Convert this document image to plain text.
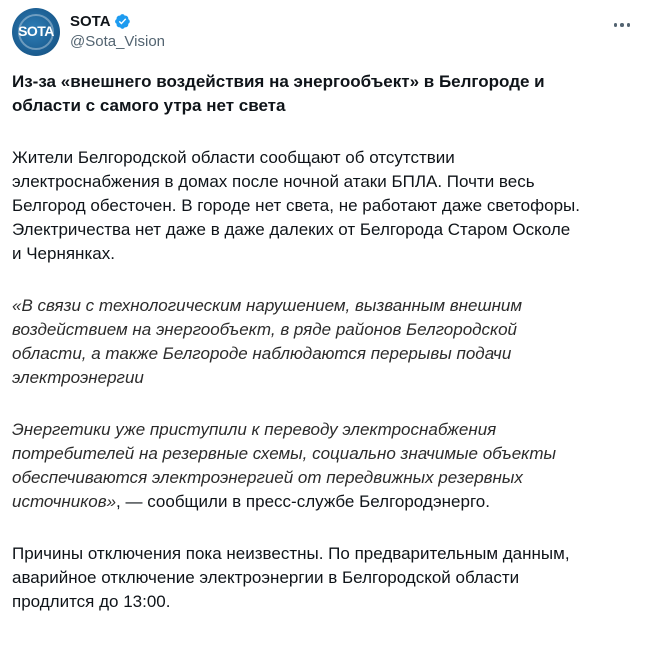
SOTA
SOTA
@Sota_Vision
Из-за «внешнего воздействия на энергообъект» в Белгороде и
области с самого утра нет света
Жители Белгородской области сообщают об отсутствии
электроснабжения в домах после ночной атаки БПЛА. Почти весь
Белгород обесточен. В городе нет света, не работают даже светофоры.
Электричества нет даже в даже далеких от Белгорода Старом Осколе
и Чернянках.
«В связи с технологическим нарушением, вызванным внешним
воздействием на энергообъект, в ряде районов Белгородской
области, а также Белгороде наблюдаются перерывы подачи
электроэнергии
Энергетики уже приступили к переводу электроснабжения
потребителей на резервные схемы, социально значимые объекты
обеспечиваются электроэнергией от передвижных резервных
источников», — сообщили в пресс-службе Белгородэнерго.
Причины отключения пока неизвестны. По предварительным данным,
аварийное отключение электроэнергии в Белгородской области
продлится до 13:00.
